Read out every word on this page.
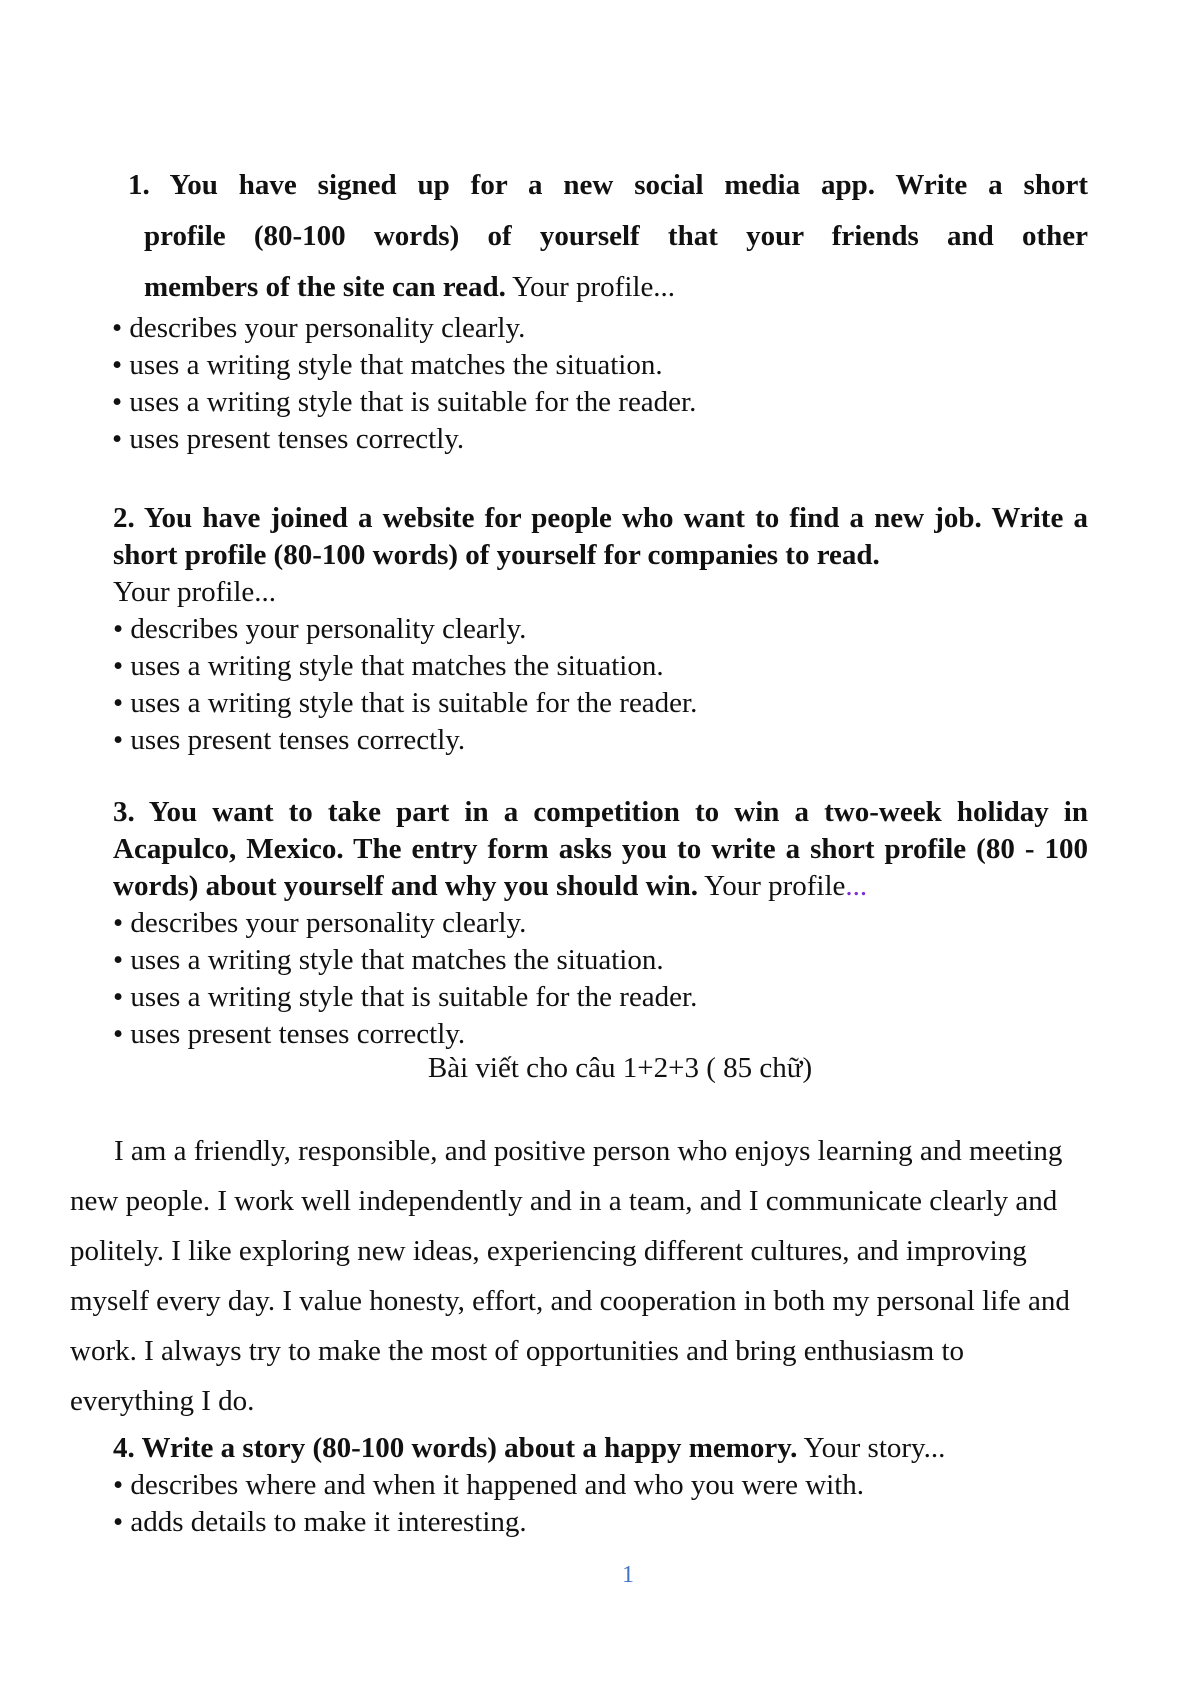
1. You have signed up for a new social media app. Write a short
profile (80-100 words) of yourself that your friends and other
members of the site can read. Your profile...
• describes your personality clearly.
• uses a writing style that matches the situation.
• uses a writing style that is suitable for the reader.
• uses present tenses correctly.
2. You have joined a website for people who want to find a new job. Write a short profile (80-100 words) of yourself for companies to read.
Your profile...
• describes your personality clearly.
• uses a writing style that matches the situation.
• uses a writing style that is suitable for the reader.
• uses present tenses correctly.
3. You want to take part in a competition to win a two-week holiday in Acapulco, Mexico. The entry form asks you to write a short profile (80 - 100 words) about yourself and why you should win. Your profile...
• describes your personality clearly.
• uses a writing style that matches the situation.
• uses a writing style that is suitable for the reader.
• uses present tenses correctly.
Bài viết cho câu 1+2+3 ( 85 chữ)
I am a friendly, responsible, and positive person who enjoys learning and meeting new people. I work well independently and in a team, and I communicate clearly and politely. I like exploring new ideas, experiencing different cultures, and improving myself every day. I value honesty, effort, and cooperation in both my personal life and work. I always try to make the most of opportunities and bring enthusiasm to everything I do.
4. Write a story (80-100 words) about a happy memory. Your story...
• describes where and when it happened and who you were with.
• adds details to make it interesting.
1
